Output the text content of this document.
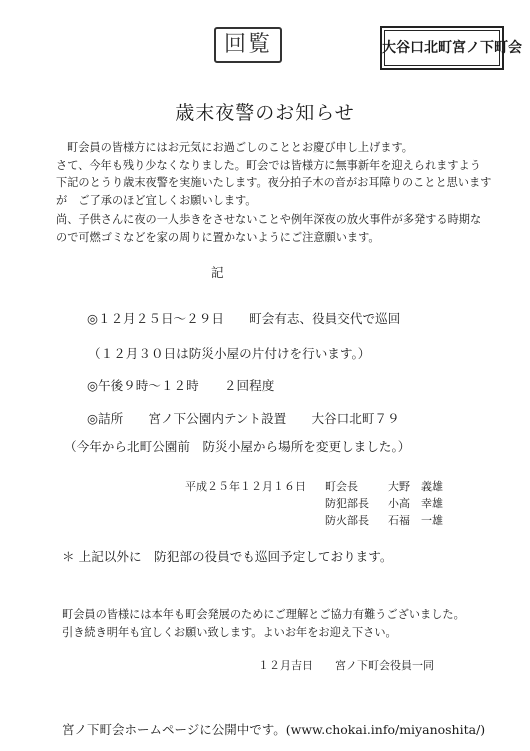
回覧	大谷口北町宮ノ下町会
歳末夜警のお知らせ
町会員の皆様方にはお元気にお過ごしのこととお慶び申し上げます。
さて、今年も残り少なくなりました。町会では皆様方に無事新年を迎えられますよう
下記のとうり歳末夜警を実施いたします。夜分拍子木の音がお耳障りのことと思います
が　ご了承のほど宜しくお願いします。
尚、子供さんに夜の一人歩きをさせないことや例年深夜の放火事件が多発する時期な
ので可燃ゴミなどを家の周りに置かないようにご注意願います。
記
◎１２月２５日～２９日　　町会有志、役員交代で巡回
（１２月３０日は防災小屋の片付けを行います。）
◎午後９時～１２時　　２回程度
◎詰所　　宮ノ下公園内テント設置　　大谷口北町７９
（今年から北町公園前　防災小屋から場所を変更しました。）
平成２５年１２月１６日 町会長	大野　義雄
防犯部長 小高　幸雄
防火部長 石福　一雄
＊ 上記以外に　防犯部の役員でも巡回予定しております。
町会員の皆様には本年も町会発展のためにご理解とご協力有難うございました。
引き続き明年も宜しくお願い致します。よいお年をお迎え下さい。
１２月吉日　　宮ノ下町会役員一同
宮ノ下町会ホームページに公開中です。(www.chokai.info/miyanoshita/)
